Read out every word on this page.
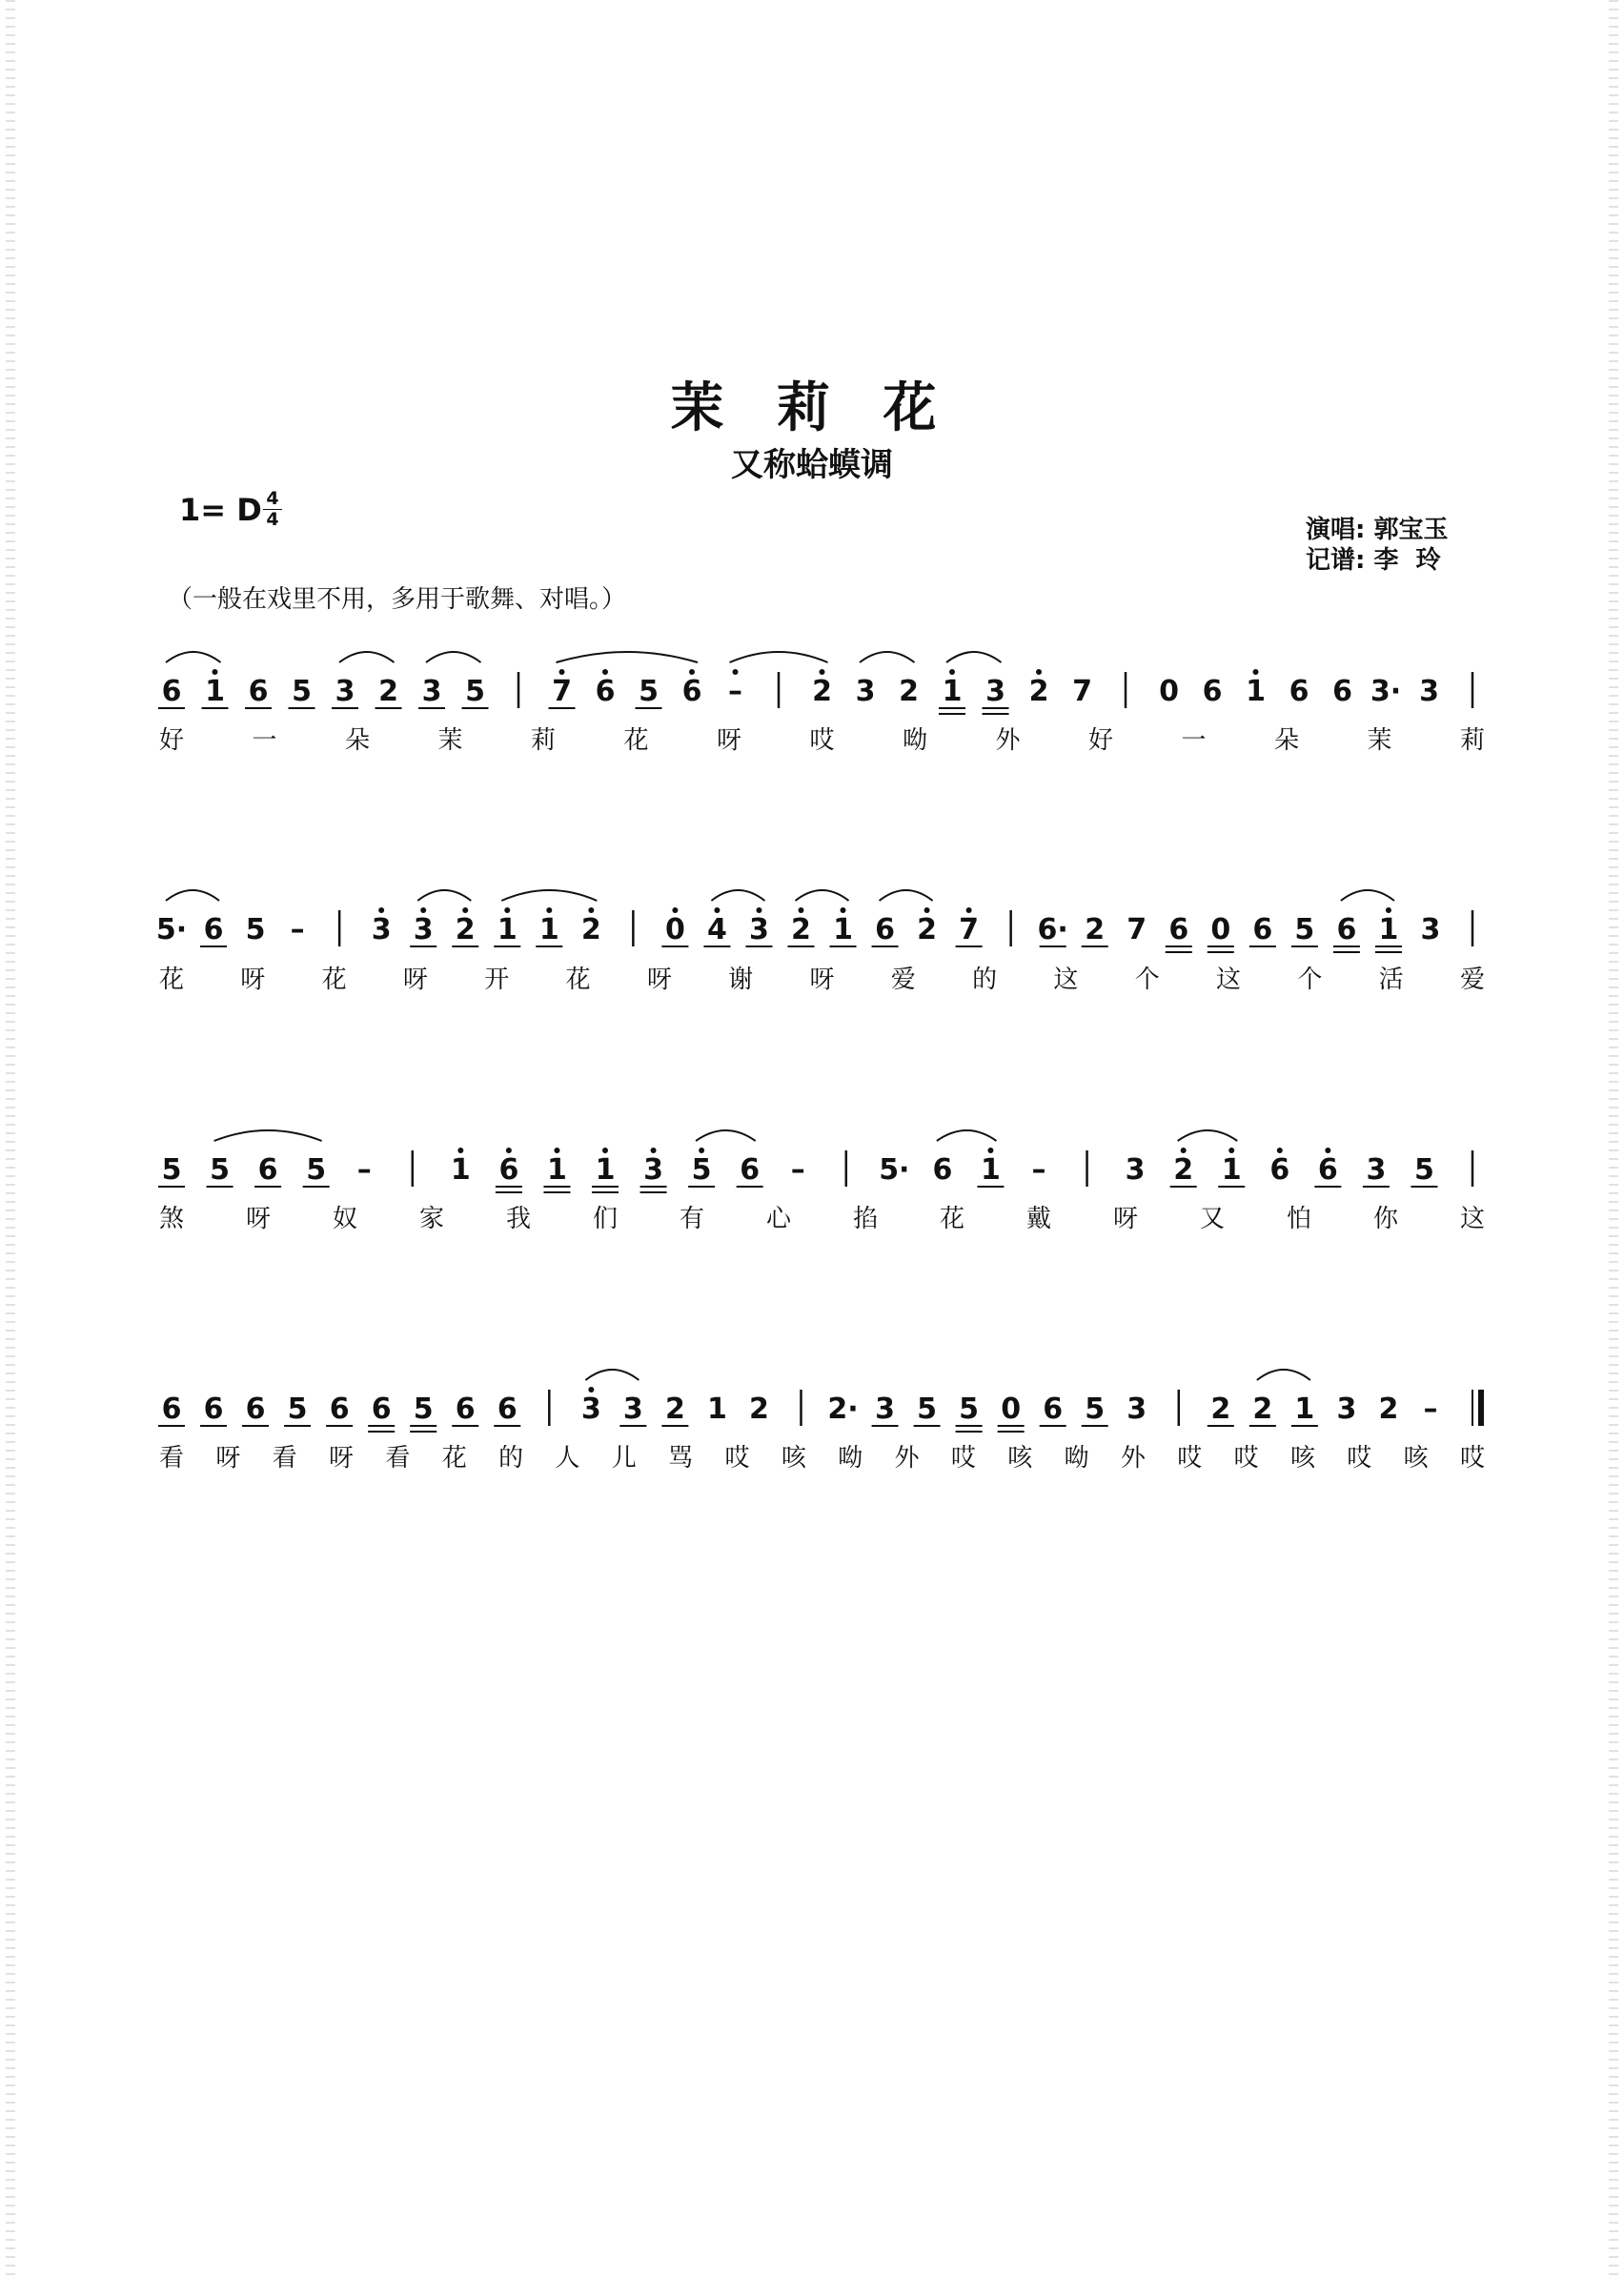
茉 莉 花
又称蛤蟆调
1= D 4
4	演唱: 郭宝玉
记谱: 李  玲
（一般在戏里不用，多用于歌舞、对唱。）
6 1 6 5 3 2 3 5 7 6 5 6 – 2 3 2 1 3 2 7 0 6 1 6 6 3· 3
5· 6 5 – 3 3 2 1 1 2 0 4 3 2 1 6 2 7 6· 2 7 6 0 6 5 6 1 3
5 5 6 5 –	1 6 1 1 3 5 6 –	5· 6 1 –	3 2 1 6 6 3 5
6 6 6 5 6 6 5 6 6 3 3 2 1 2 2· 3 5 5 0 6 5 3 2 2 1 3 2 –
好	一	朵	茉	莉	花	呀	哎	呦	外	好	一	朵	茉	莉
花 呀 花 呀 开 花 呀 谢 呀 爱 的 这 个 这 个 活 爱
煞 呀 奴 家 我 们 有 心 掐 花 戴 呀 又 怕 你 这
看 呀 看 呀 看 花 的 人 儿 骂 哎 咳 呦 外 哎 咳 呦 外 哎 哎 咳 哎 咳 哎
